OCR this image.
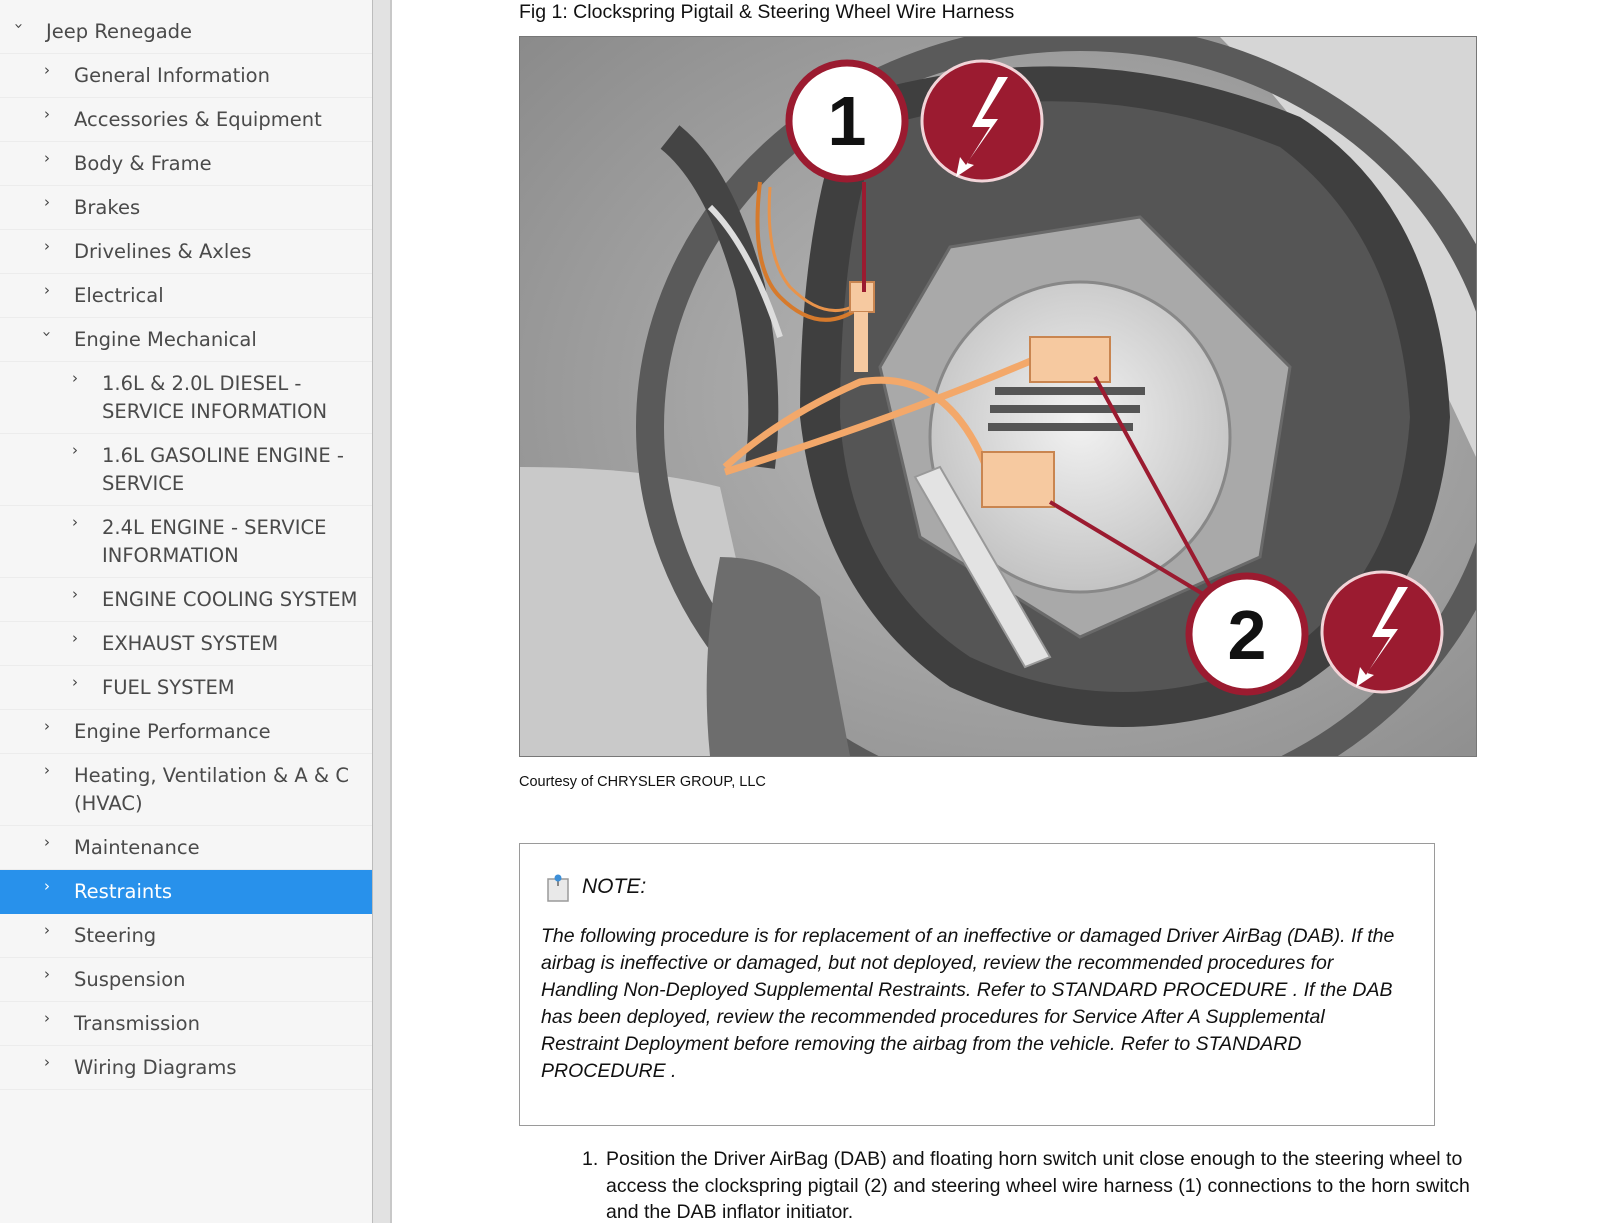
› Jeep Renegade
› General Information
› Accessories & Equipment
› Body & Frame
› Brakes
› Drivelines & Axles
› Electrical
› Engine Mechanical
› 1.6L & 2.0L DIESEL - SERVICE INFORMATION
› 1.6L GASOLINE ENGINE - SERVICE
› 2.4L ENGINE - SERVICE INFORMATION
› ENGINE COOLING SYSTEM
› EXHAUST SYSTEM
› FUEL SYSTEM
› Engine Performance
› Heating, Ventilation & A & C (HVAC)
› Maintenance
› Restraints
› Steering
› Suspension
› Transmission
› Wiring Diagrams
Fig 1: Clockspring Pigtail & Steering Wheel Wire Harness
1
2
Courtesy of CHRYSLER GROUP, LLC
NOTE:
The following procedure is for replacement of an ineffective or damaged Driver AirBag (DAB). If the airbag is ineffective or damaged, but not deployed, review the recommended procedures for Handling Non-Deployed Supplemental Restraints. Refer to STANDARD PROCEDURE . If the DAB has been deployed, review the recommended procedures for Service After A Supplemental Restraint Deployment before removing the airbag from the vehicle. Refer to STANDARD PROCEDURE .
1. Position the Driver AirBag (DAB) and floating horn switch unit close enough to the steering wheel to access the clockspring pigtail (2) and steering wheel wire harness (1) connections to the horn switch and the DAB inflator initiator.
